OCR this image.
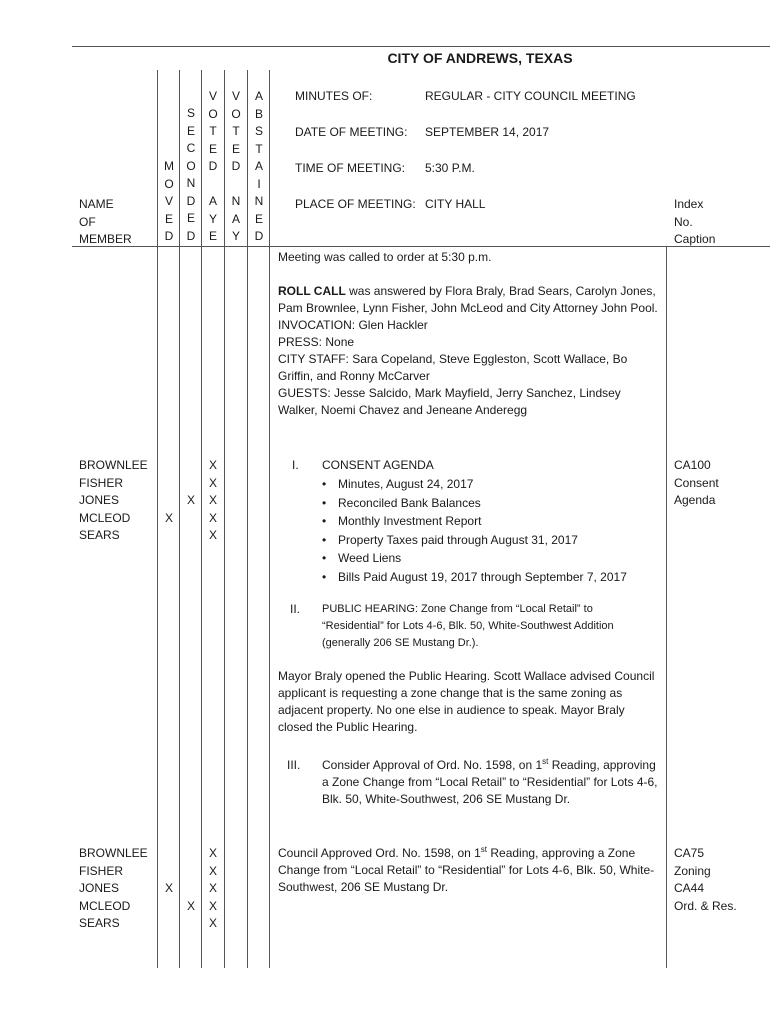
CITY OF ANDREWS, TEXAS
M
O
V
E
D
S
E
C
O
N
D
E
D
V
O
T
E
D

A
Y
E
V
O
T
E
D

N
A
Y
A
B
S
T
A
I
N
E
D
NAME
OF
MEMBER
MINUTES OF:	REGULAR - CITY COUNCIL MEETING
DATE OF MEETING: SEPTEMBER 14, 2017
TIME OF MEETING: 5:30 P.M.
PLACE OF MEETING: CITY HALL	Index
No.
Caption
Meeting was called to order at 5:30 p.m.
ROLL CALL was answered by Flora Braly, Brad Sears, Carolyn Jones, Pam Brownlee, Lynn Fisher, John McLeod and City Attorney John Pool.
INVOCATION: Glen Hackler
PRESS: None
CITY STAFF: Sara Copeland, Steve Eggleston, Scott Wallace, Bo Griffin, and Ronny McCarver
GUESTS: Jesse Salcido, Mark Mayfield, Jerry Sanchez, Lindsey Walker, Noemi Chavez and Jeneane Anderegg
BROWNLEE
FISHER
JONES
MCLEOD
SEARS
X
X
X
X
X
X
X
I. CONSENT AGENDA
• Minutes, August 24, 2017
• Reconciled Bank Balances
• Monthly Investment Report
• Property Taxes paid through August 31, 2017
• Weed Liens
• Bills Paid August 19, 2017 through September 7, 2017
CA100
Consent
Agenda
II. PUBLIC HEARING: Zone Change from “Local Retail” to “Residential” for Lots 4-6, Blk. 50, White-Southwest Addition (generally 206 SE Mustang Dr.).
Mayor Braly opened the Public Hearing. Scott Wallace advised Council applicant is requesting a zone change that is the same zoning as adjacent property. No one else in audience to speak. Mayor Braly closed the Public Hearing.
III. Consider Approval of Ord. No. 1598, on 1st Reading, approving a Zone Change from “Local Retail” to “Residential” for Lots 4-6, Blk. 50, White-Southwest, 206 SE Mustang Dr.
BROWNLEE
FISHER
JONES
MCLEOD
SEARS
X
X
X
X
X
X
X
Council Approved Ord. No. 1598, on 1st Reading, approving a Zone Change from “Local Retail” to “Residential” for Lots 4-6, Blk. 50, White-Southwest, 206 SE Mustang Dr.
CA75
Zoning
CA44
Ord. & Res.
